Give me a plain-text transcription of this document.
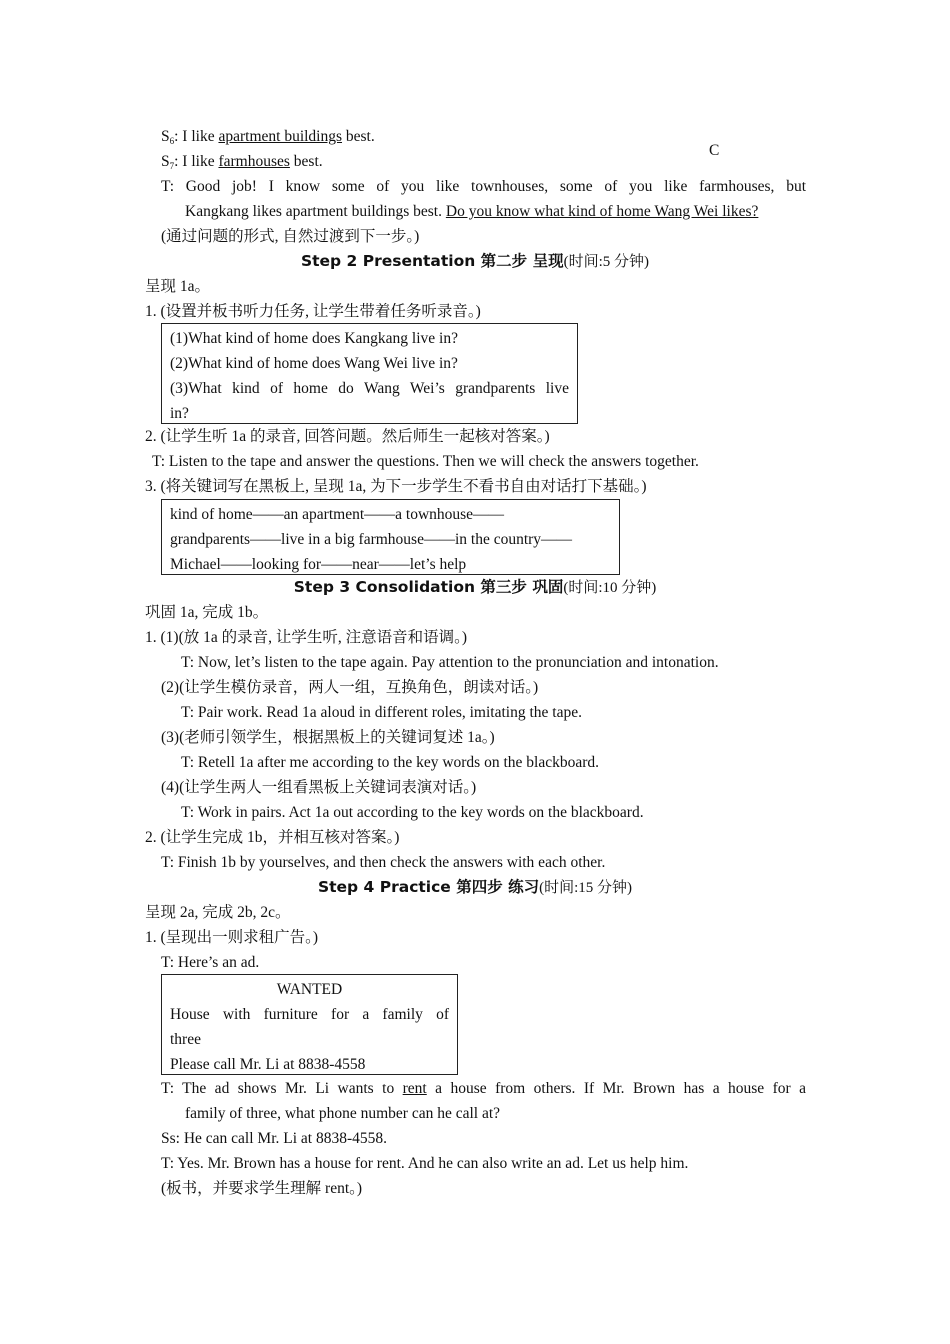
C
$S_6$: I like apartment buildings best.
$S_7$: I like farmhouses best.
T: Good job! I know some of you like townhouses, some of you like farmhouses, but
Kangkang likes apartment buildings best. Do you know what kind of home Wang Wei likes?
(通过问题的形式, 自然过渡到下一步。)
Step 2 Presentation 第二步 呈现(时间:5 分钟)
呈现 1a。
1. (设置并板书听力任务, 让学生带着任务听录音。)
(1)What kind of home does Kangkang live in?
(2)What kind of home does Wang Wei live in?
(3)What kind of home do Wang Wei’s grandparents live
in?
2. (让学生听 1a 的录音, 回答问题。然后师生一起核对答案。)
T: Listen to the tape and answer the questions. Then we will check the answers together.
3. (将关键词写在黑板上, 呈现 1a, 为下一步学生不看书自由对话打下基础。)
kind of home——an apartment——a townhouse——
grandparents——live in a big farmhouse——in the country——
Michael——looking for——near——let’s help
Step 3 Consolidation 第三步 巩固(时间:10 分钟)
巩固 1a, 完成 1b。
1. (1)(放 1a 的录音, 让学生听, 注意语音和语调。)
T: Now, let’s listen to the tape again. Pay attention to the pronunciation and intonation.
(2)(让学生模仿录音，两人一组，互换角色，朗读对话。)
T: Pair work. Read 1a aloud in different roles, imitating the tape.
(3)(老师引领学生，根据黑板上的关键词复述 1a。)
T: Retell 1a after me according to the key words on the blackboard.
(4)(让学生两人一组看黑板上关键词表演对话。)
T: Work in pairs. Act 1a out according to the key words on the blackboard.
2. (让学生完成 1b，并相互核对答案。)
T: Finish 1b by yourselves, and then check the answers with each other.
Step 4 Practice 第四步 练习(时间:15 分钟)
呈现 2a, 完成 2b, 2c。
1. (呈现出一则求租广告。)
T: Here’s an ad.
WANTED
House with furniture for a family of
three
Please call Mr. Li at 8838-4558
T: The ad shows Mr. Li wants to rent a house from others. If Mr. Brown has a house for a
family of three, what phone number can he call at?
Ss: He can call Mr. Li at 8838-4558.
T: Yes. Mr. Brown has a house for rent. And he can also write an ad. Let us help him.
(板书，并要求学生理解 rent。)
